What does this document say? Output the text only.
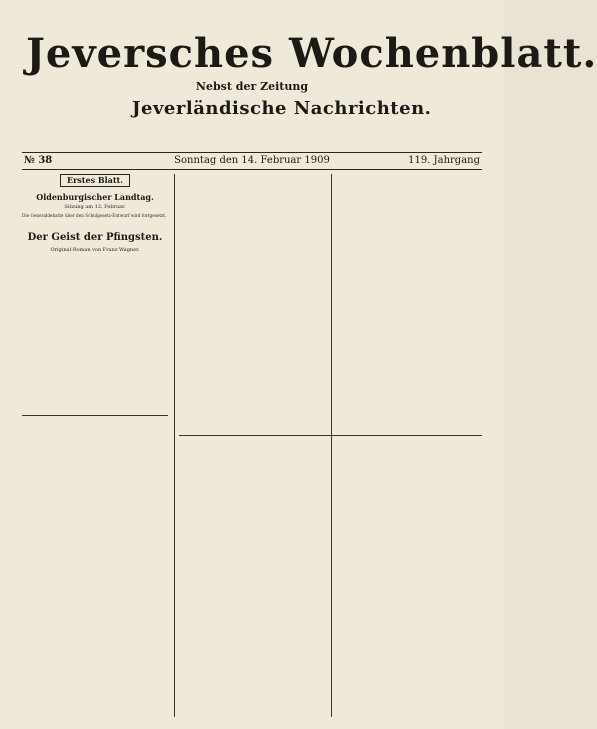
Jeversches Wochenblatt.
Nebst der Zeitung
Jeverländische Nachrichten.
№ 38	Sonntag den 14. Februar 1909	119. Jahrgang
Erstes Blatt.
Oldenburgischer Landtag.
Sitzung am 12. Februar.

Die Generaldebatte über den Schulgesetz-Entwurf wird fortgesetzt.

Der Geist der Pfingsten.
Original-Roman von Franz Wagner.
